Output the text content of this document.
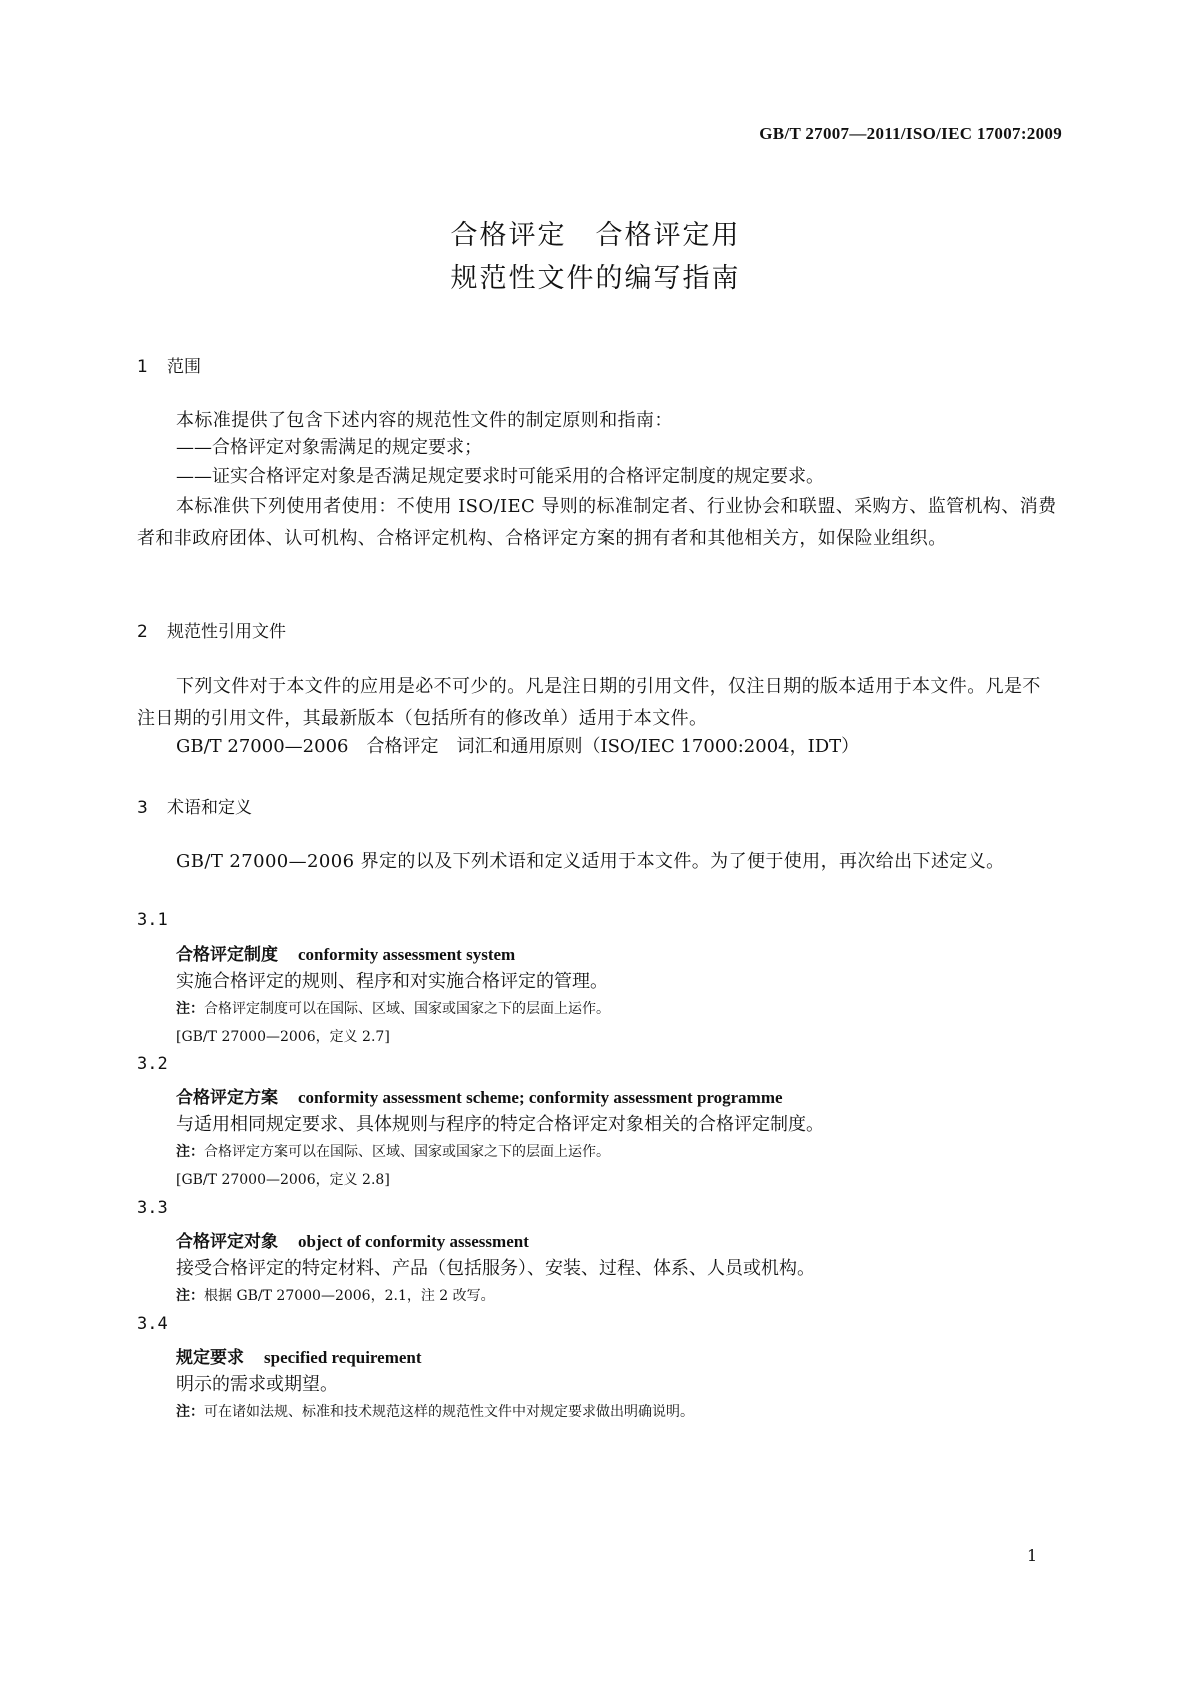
GB/T 27007—2011/ISO/IEC 17007:2009
合格评定　合格评定用
规范性文件的编写指南
1 范围
本标准提供了包含下述内容的规范性文件的制定原则和指南：
——合格评定对象需满足的规定要求；
——证实合格评定对象是否满足规定要求时可能采用的合格评定制度的规定要求。
本标准供下列使用者使用：不使用 ISO/IEC 导则的标准制定者、行业协会和联盟、采购方、监管机构、消费者和非政府团体、认可机构、合格评定机构、合格评定方案的拥有者和其他相关方，如保险业组织。
2 规范性引用文件
下列文件对于本文件的应用是必不可少的。凡是注日期的引用文件，仅注日期的版本适用于本文件。凡是不注日期的引用文件，其最新版本（包括所有的修改单）适用于本文件。
GB/T 27000—2006　合格评定　词汇和通用原则（ISO/IEC 17000:2004，IDT）
3 术语和定义
GB/T 27000—2006 界定的以及下列术语和定义适用于本文件。为了便于使用，再次给出下述定义。
3.1
合格评定制度 conformity assessment system
实施合格评定的规则、程序和对实施合格评定的管理。
注：合格评定制度可以在国际、区域、国家或国家之下的层面上运作。
[GB/T 27000—2006，定义 2.7]
3.2
合格评定方案 conformity assessment scheme; conformity assessment programme
与适用相同规定要求、具体规则与程序的特定合格评定对象相关的合格评定制度。
注：合格评定方案可以在国际、区域、国家或国家之下的层面上运作。
[GB/T 27000—2006，定义 2.8]
3.3
合格评定对象 object of conformity assessment
接受合格评定的特定材料、产品（包括服务）、安装、过程、体系、人员或机构。
注：根据 GB/T 27000—2006，2.1，注 2 改写。
3.4
规定要求 specified requirement
明示的需求或期望。
注：可在诸如法规、标准和技术规范这样的规范性文件中对规定要求做出明确说明。
1
